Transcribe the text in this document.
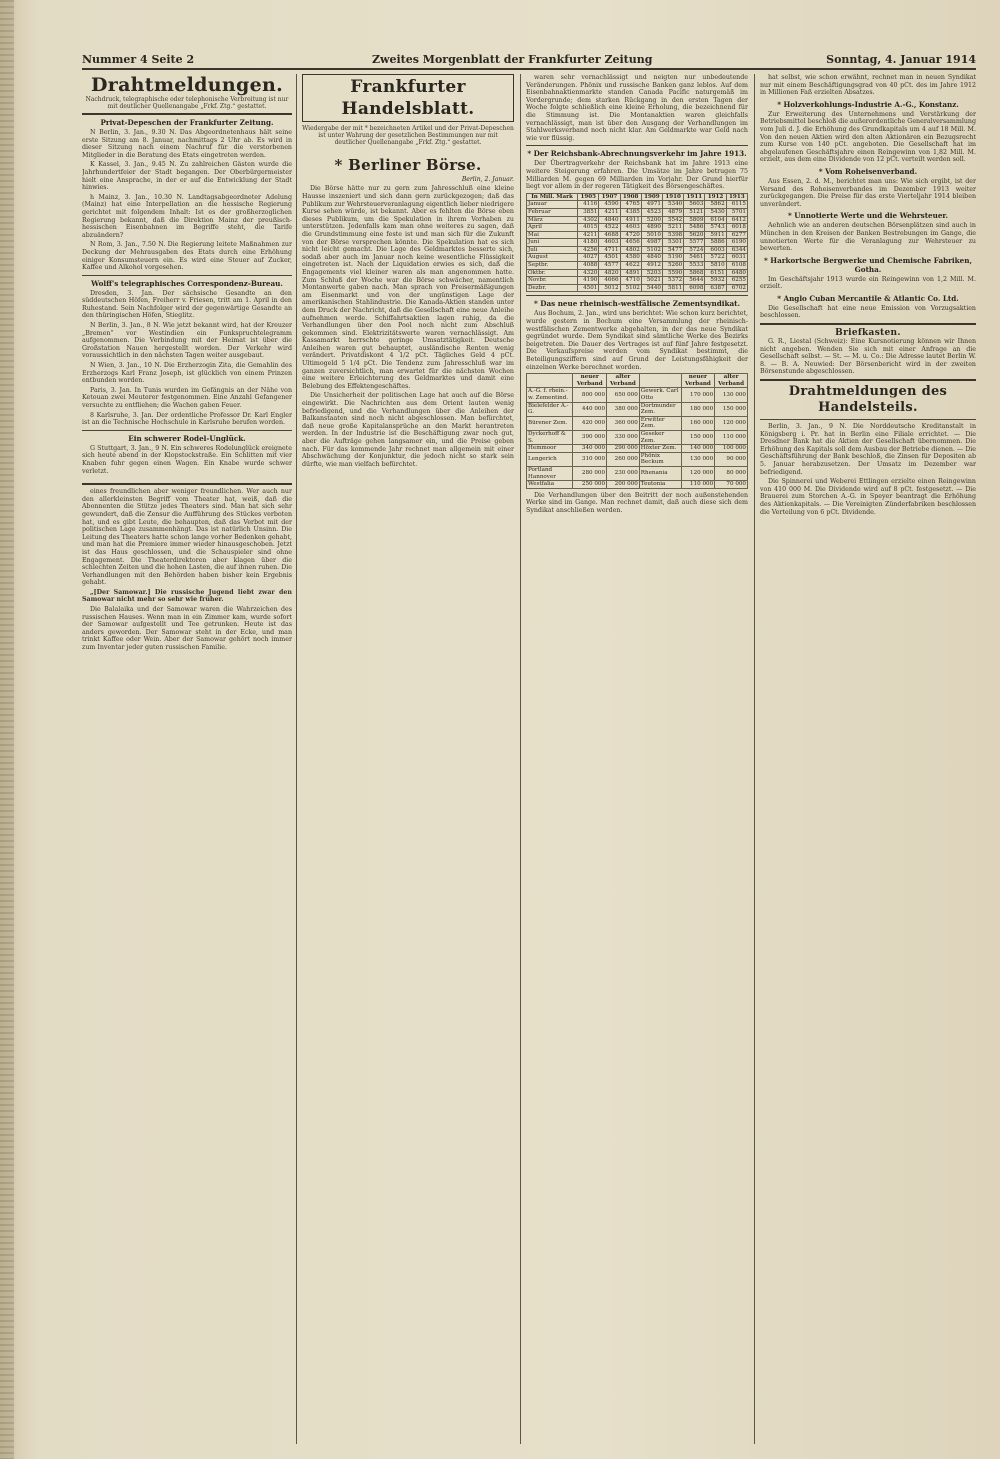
Nummer 4 Seite 2	Zweites Morgenblatt der Frankfurter Zeitung	Sonntag, 4. Januar 1914
Drahtmeldungen.
Nachdruck, telegraphische oder telephonische Verbreitung ist nur mit deutlicher Quellenangabe „Frkf. Ztg.“ gestattet.
Privat-Depeschen der Frankfurter Zeitung.

N Berlin, 3. Jan., 9.30 N. Das Abgeordnetenhaus hält seine erste Sitzung am 8. Januar, nachmittags 2 Uhr ab. Es wird in dieser Sitzung nach einem Nachruf für die verstorbenen Mitglieder in die Beratung des Etats eingetreten werden.

K Kassel, 3. Jan., 9.45 N. Zu zahlreichen Gästen wurde die Jahrhundertfeier der Stadt begangen. Der Oberbürgermeister hielt eine Ansprache, in der er auf die Entwicklung der Stadt hinwies.

h Mainz, 3. Jan., 10.30 N. Landtagsabgeordneter Adelung (Mainz) hat eine Interpellation an die hessische Regierung gerichtet mit folgendem Inhalt: Ist es der großherzoglichen Regierung bekannt, daß die Direktion Mainz der preußisch-hessischen Eisenbahnen im Begriffe steht, die Tarife abzuändern?

N Rom, 3. Jan., 7.50 N. Die Regierung leitete Maßnahmen zur Deckung der Mehrausgaben des Etats durch eine Erhöhung einiger Konsumsteuern ein. Es wird eine Steuer auf Zucker, Kaffee und Alkohol vorgesehen.

Wolff's telegraphisches Correspondenz-Bureau.

Dresden, 3. Jan. Der sächsische Gesandte an den süddeutschen Höfen, Freiherr v. Friesen, tritt am 1. April in den Ruhestand. Sein Nachfolger wird der gegenwärtige Gesandte an den thüringischen Höfen, Stieglitz.

N Berlin, 3. Jan., 8 N. Wie jetzt bekannt wird, hat der Kreuzer „Bremen“ vor Westindien ein Funkspruchtelegramm aufgenommen. Die Verbindung mit der Heimat ist über die Großstation Nauen hergestellt worden. Der Verkehr wird voraussichtlich in den nächsten Tagen weiter ausgebaut.

N Wien, 3. Jan., 10 N. Die Erzherzogin Zita, die Gemahlin des Erzherzogs Karl Franz Joseph, ist glücklich von einem Prinzen entbunden worden.

Paris, 3. Jan. In Tunis wurden im Gefängnis an der Nähe von Ketouan zwei Meuterer festgenommen. Eine Anzahl Gefangener versuchte zu entfliehen; die Wachen gaben Feuer.

8 Karlsruhe, 3. Jan. Der ordentliche Professor Dr. Karl Engler ist an die Technische Hochschule in Karlsruhe berufen worden.

Ein schwerer Rodel-Unglück.

G Stuttgart, 3. Jan., 9 N. Ein schweres Rodelunglück ereignete sich heute abend in der Klopstockstraße. Ein Schlitten mit vier Knaben fuhr gegen einen Wagen. Ein Knabe wurde schwer verletzt.

eines freundlichen aber weniger freundlichen. Wer auch nur den allerkleinsten Begriff vom Theater hat, weiß, daß die Abonnenten die Stütze jedes Theaters sind. Man hat sich sehr gewundert, daß die Zensur die Aufführung des Stückes verboten hat, und es gibt Leute, die behaupten, daß das Verbot mit der politischen Lage zusammenhängt. Das ist natürlich Unsinn. Die Leitung des Theaters hatte schon lange vorher Bedenken gehabt, und man hat die Premiere immer wieder hinausgeschoben. Jetzt ist das Haus geschlossen, und die Schauspieler sind ohne Engagement. Die Theaterdirektoren aber klagen über die schlechten Zeiten und die hohen Lasten, die auf ihnen ruhen. Die Verhandlungen mit den Behörden haben bisher kein Ergebnis gehabt.

„[Der Samowar.] Die russische Jugend liebt zwar den Samowar nicht mehr so sehr wie früher.

Die Balalaika und der Samowar waren die Wahrzeichen des russischen Hauses. Wenn man in ein Zimmer kam, wurde sofort der Samowar aufgestellt und Tee getrunken. Heute ist das anders geworden. Der Samowar steht in der Ecke, und man trinkt Kaffee oder Wein. Aber der Samowar gehört noch immer zum Inventar jeder guten russischen Familie.

Frankfurter Handelsblatt.
Wiedergabe der mit * bezeichneten Artikel und der Privat-Depeschen ist unter Wahrung der gesetzlichen Bestimmungen nur mit deutlicher Quellenangabe „Frkf. Ztg.“ gestattet.
* Berliner Börse.
Berlin, 2. Januar.

Die Börse hätte nur zu gern zum Jahresschluß eine kleine Hausse inszeniert und sich dann gern zurückgezogen; daß das Publikum zur Wehrsteuerveranlagung eigentlich lieber niedrigere Kurse sehen würde, ist bekannt. Aber es fehlten die Börse eben dieses Publikum, um die Spekulation in ihrem Vorhaben zu unterstützen. Jedenfalls kam man ohne weiteres zu sagen, daß die Grundstimmung eine feste ist und man sich für die Zukunft von der Börse versprechen könnte. Die Spekulation hat es sich nicht leicht gemacht. Die Lage des Geldmarktes besserte sich, sodaß aber auch im Januar noch keine wesentliche Flüssigkeit eingetreten ist. Nach der Liquidation erwies es sich, daß die Engagements viel kleiner waren als man angenommen hatte. Zum Schluß der Woche war die Börse schwächer, namentlich Montanwerte gaben nach. Man sprach von Preisermäßigungen am Eisenmarkt und von der ungünstigen Lage der amerikanischen Stahlindustrie. Die Kanada-Aktien standen unter dem Druck der Nachricht, daß die Gesellschaft eine neue Anleihe aufnehmen werde. Schiffahrtsaktien lagen ruhig, da die Verhandlungen über den Pool noch nicht zum Abschluß gekommen sind. Elektrizitätswerte waren vernachlässigt. Am Kassamarkt herrschte geringe Umsatztätigkeit. Deutsche Anleihen waren gut behauptet, ausländische Renten wenig verändert. Privatdiskont 4 1/2 pCt. Tägliches Geld 4 pCt. Ultimogeld 5 1/4 pCt. Die Tendenz zum Jahresschluß war im ganzen zuversichtlich, man erwartet für die nächsten Wochen eine weitere Erleichterung des Geldmarktes und damit eine Belebung des Effektengeschäftes.

Die Unsicherheit der politischen Lage hat auch auf die Börse eingewirkt. Die Nachrichten aus dem Orient lauten wenig befriedigend, und die Verhandlungen über die Anleihen der Balkanstaaten sind noch nicht abgeschlossen. Man befürchtet, daß neue große Kapitalansprüche an den Markt herantreten werden. In der Industrie ist die Beschäftigung zwar noch gut, aber die Aufträge gehen langsamer ein, und die Preise geben nach. Für das kommende Jahr rechnet man allgemein mit einer Abschwächung der Konjunktur, die jedoch nicht so stark sein dürfte, wie man vielfach befürchtet.

waren sehr vernachlässigt und neigten nur unbedeutende Veränderungen. Phönix und russische Banken ganz leblos. Auf dem Eisenbahnaktienmarkte standen Canada Pacific naturgemäß im Vordergrunde; dem starken Rückgang in den ersten Tagen der Woche folgte schließlich eine kleine Erholung, die bezeichnend für die Stimmung ist. Die Montanaktien waren gleichfalls vernachlässigt, man ist über den Ausgang der Verhandlungen im Stahlwerksverband noch nicht klar. Am Geldmarkte war Geld nach wie vor flüssig.

* Der Reichsbank-Abrechnungsverkehr im Jahre 1913.

Der Übertragverkehr der Reichsbank hat im Jahre 1913 eine weitere Steigerung erfahren. Die Umsätze im Jahre betrugen 75 Milliarden M. gegen 69 Milliarden im Vorjahr. Der Grund hierfür liegt vor allem in der regeren Tätigkeit des Börsengeschäftes.

In Mill. Mark	1905	1907	1908	1909	1910	1911	1912	1913
Januar	4116	4590	4765	4971	5340	5603	5862	6115
Februar	3851	4211	4385	4523	4879	5121	5430	5701
März	4302	4840	4911	5200	5542	5809	6104	6412
April	4015	4522	4603	4890	5211	5486	5743	6018
Mai	4211	4688	4720	5010	5398	5620	5911	6277
Juni	4180	4603	4656	4987	5301	5577	5886	6190
Juli	4256	4711	4802	5102	5477	5724	6003	6344
August	4027	4501	4580	4840	5190	5461	5722	6031
Septbr.	4088	4577	4622	4912	5260	5533	5810	6108
Oktbr.	4320	4820	4891	5203	5590	5868	6151	6480
Novbr.	4190	4666	4710	5021	5372	5644	5932	6255
Dezbr.	4501	5012	5102	5440	5811	6098	6387	6702
* Das neue rheinisch-westfälische Zementsyndikat.

Aus Bochum, 2. Jan., wird uns berichtet: Wie schon kurz berichtet, wurde gestern in Bochum eine Versammlung der rheinisch-westfälischen Zementwerke abgehalten, in der das neue Syndikat gegründet wurde. Dem Syndikat sind sämtliche Werke des Bezirks beigetreten. Die Dauer des Vertrages ist auf fünf Jahre festgesetzt. Die Verkaufspreise werden vom Syndikat bestimmt, die Beteiligungsziffern sind auf Grund der Leistungsfähigkeit der einzelnen Werke berechnet worden.

	neuer Verband	alter Verband		neuer Verband	alter Verband
A.-G. f. rhein.-w. Zementind.	800 000	650 000	Gewerk. Carl Otto	170 000	130 000
Bielefelder A.-G.	440 000	380 000	Dortmunder Zem.	180 000	150 000
Bürener Zem.	420 000	360 000	Erwitter Zem.	160 000	120 000
Dyckerhoff & S.	390 000	330 000	Geseker Zem.	150 000	110 000
Hemmoor	340 000	290 000	Höxter Zem.	140 000	100 000
Lengerich	310 000	260 000	Phönix Beckum	130 000	90 000
Portland Hannover	280 000	230 000	Rhenania	120 000	80 000
Westfalia	250 000	200 000	Teutonia	110 000	70 000

Die Verhandlungen über den Beitritt der noch außenstehenden Werke sind im Gange. Man rechnet damit, daß auch diese sich dem Syndikat anschließen werden.

hat selbst, wie schon erwähnt, rechnet man in neuen Syndikat nur mit einem Beschäftigungsgrad von 40 pCt. des im Jahre 1912 in Millionen Faß erzielten Absatzes.

* Holzverkohlungs-Industrie A.-G., Konstanz.

Zur Erweiterung des Unternehmens und Verstärkung der Betriebsmittel beschloß die außerordentliche Generalversammlung vom Juli d. J. die Erhöhung des Grundkapitals um 4 auf 18 Mill. M. Von den neuen Aktien wird den alten Aktionären ein Bezugsrecht zum Kurse von 140 pCt. angeboten. Die Gesellschaft hat im abgelaufenen Geschäftsjahre einen Reingewinn von 1,82 Mill. M. erzielt, aus dem eine Dividende von 12 pCt. verteilt werden soll.

* Vom Roheisenverband.

Aus Essen, 2. d. M., berichtet man uns: Wie sich ergibt, ist der Versand des Roheisenverbandes im Dezember 1913 weiter zurückgegangen. Die Preise für das erste Vierteljahr 1914 bleiben unverändert.

* Unnotierte Werte und die Wehrsteuer.

Aehnlich wie an anderen deutschen Börsenplätzen sind auch in München in den Kreisen der Banken Bestrebungen im Gange, die unnotierten Werte für die Veranlagung zur Wehrsteuer zu bewerten.

* Harkortsche Bergwerke und Chemische Fabriken, Gotha.

Im Geschäftsjahr 1913 wurde ein Reingewinn von 1,2 Mill. M. erzielt.

* Anglo Cuban Mercantile & Atlantic Co. Ltd.

Die Gesellschaft hat eine neue Emission von Vorzugsaktien beschlossen.

Briefkasten.

G. R., Liestal (Schweiz): Eine Kursnotierung können wir Ihnen nicht angeben. Wenden Sie sich mit einer Anfrage an die Gesellschaft selbst. — St. — M. u. Co.: Die Adresse lautet Berlin W. 8. — B. A. Neuwied: Der Börsenbericht wird in der zweiten Börsenstunde abgeschlossen.

Drahtmeldungen des Handelsteils.

Berlin, 3. Jan., 9 N. Die Norddeutsche Kreditanstalt in Königsberg i. Pr. hat in Berlin eine Filiale errichtet. — Die Dresdner Bank hat die Aktien der Gesellschaft übernommen. Die Erhöhung des Kapitals soll dem Ausbau der Betriebe dienen. — Die Geschäftsführung der Bank beschloß, die Zinsen für Depositen ab 5. Januar herabzusetzen. Der Umsatz im Dezember war befriedigend.

Die Spinnerei und Weberei Ettlingen erzielte einen Reingewinn von 410 000 M. Die Dividende wird auf 8 pCt. festgesetzt. — Die Brauerei zum Storchen A.-G. in Speyer beantragt die Erhöhung des Aktienkapitals. — Die Vereinigten Zünderfabriken beschlossen die Verteilung von 6 pCt. Dividende.
